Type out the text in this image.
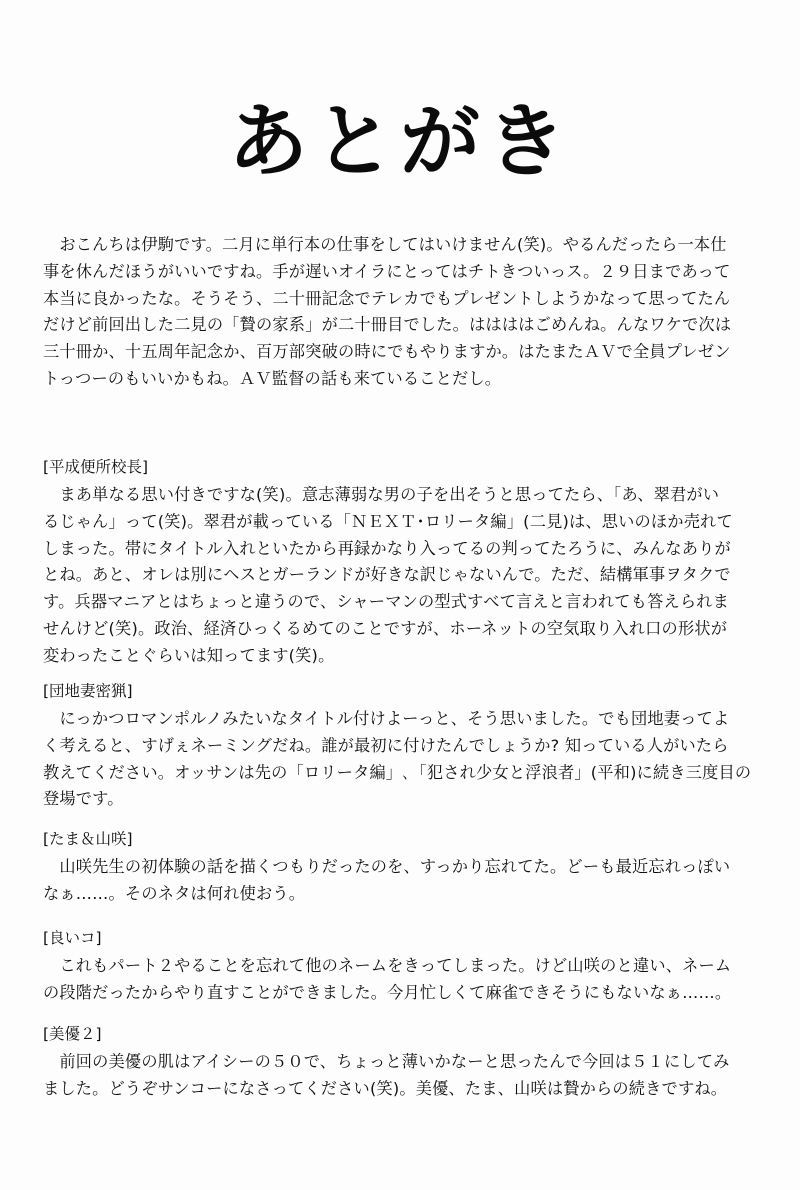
あとがき
　おこんちは伊駒です。二月に単行本の仕事をしてはいけません(笑)。やるんだったら一本仕
事を休んだほうがいいですね。手が遅いオイラにとってはチトきついっス。２９日まであって
本当に良かったな。そうそう、二十冊記念でテレカでもプレゼントしようかなって思ってたん
だけど前回出した二見の「贄の家系」が二十冊目でした。ははははごめんね。んなワケで次は
三十冊か、十五周年記念か、百万部突破の時にでもやりますか。はたまたＡＶで全員プレゼン
トっつーのもいいかもね。ＡＶ監督の話も来ていることだし。
[平成便所校長]
　まあ単なる思い付きですな(笑)。意志薄弱な男の子を出そうと思ってたら、「あ、翠君がい
るじゃん」って(笑)。翠君が載っている「ＮＥＸＴ･ロリータ編」(二見)は、思いのほか売れて
しまった。帯にタイトル入れといたから再録かなり入ってるの判ってたろうに、みんなありが
とね。あと、オレは別にヘスとガーランドが好きな訳じゃないんで。ただ、結構軍事ヲタクで
す。兵器マニアとはちょっと違うので、シャーマンの型式すべて言えと言われても答えられま
せんけど(笑)。政治、経済ひっくるめてのことですが、ホーネットの空気取り入れ口の形状が
変わったことぐらいは知ってます(笑)。
[団地妻密猟]
　にっかつロマンポルノみたいなタイトル付けよーっと、そう思いました。でも団地妻ってよ
く考えると、すげぇネーミングだね。誰が最初に付けたんでしょうか? 知っている人がいたら
教えてください。オッサンは先の「ロリータ編」､「犯され少女と浮浪者」(平和)に続き三度目の
登場です。
[たま＆山咲]
　山咲先生の初体験の話を描くつもりだったのを、すっかり忘れてた。どーも最近忘れっぽい
なぁ……。そのネタは何れ使おう。
[良いコ]
　これもパート２やることを忘れて他のネームをきってしまった。けど山咲のと違い、ネーム
の段階だったからやり直すことができました。今月忙しくて麻雀できそうにもないなぁ……。
[美優２]
　前回の美優の肌はアイシーの５０で、ちょっと薄いかなーと思ったんで今回は５１にしてみ
ました。どうぞサンコーになさってください(笑)。美優、たま、山咲は贄からの続きですね。
